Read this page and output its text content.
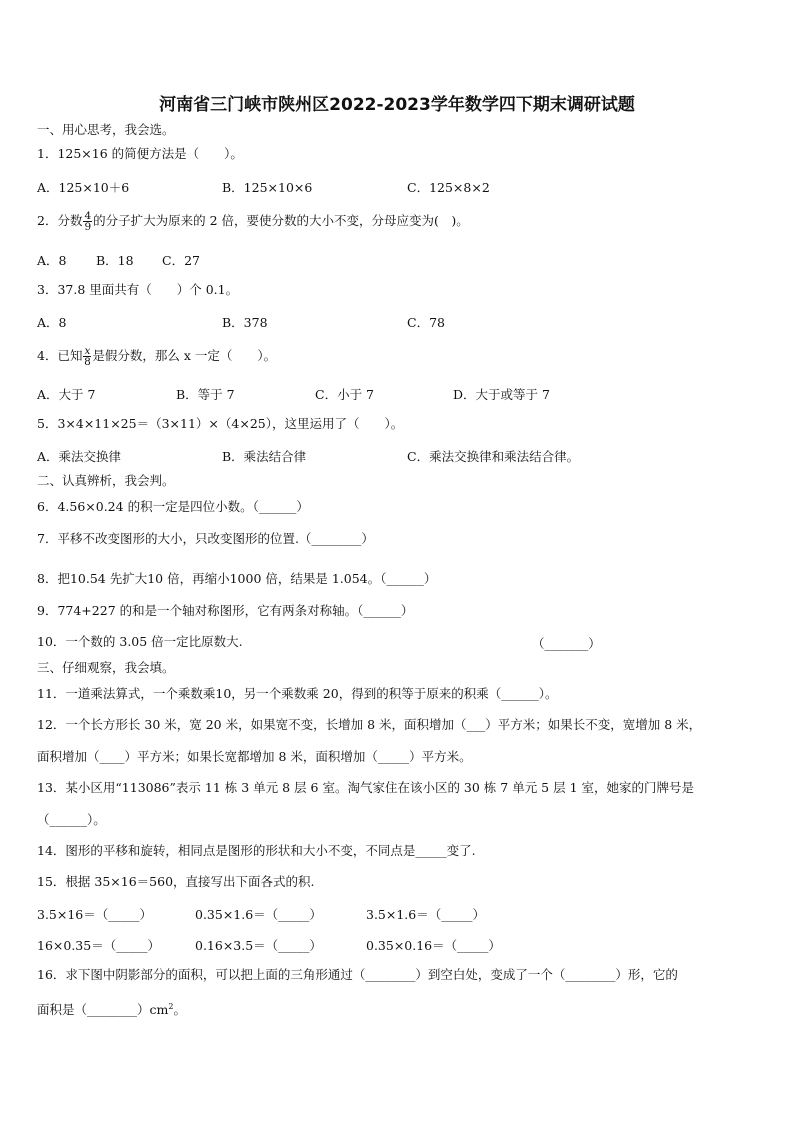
河南省三门峡市陕州区2022-2023学年数学四下期末调研试题
一、用心思考，我会选。
1．125×16 的简便方法是（　　）。
A．125×10＋6	B．125×10×6	C．125×8×2
2．分数 $\frac{4}{9}$ 的分子扩大为原来的 2 倍，要使分数的大小不变，分母应变为(　)。
A．8 B．18 C．27
3．37.8 里面共有（　　）个 0.1。
A．8	B．378	C．78
4．已知 $\frac{x}{8}$ 是假分数，那么 x 一定（　　）。
A．大于 7	B．等于 7	C．小于 7	D．大于或等于 7
5．3×4×11×25＝（3×11）×（4×25），这里运用了（　　）。
A．乘法交换律	B．乘法结合律	C．乘法交换律和乘法结合律。
二、认真辨析，我会判。
6．4.56×0.24 的积一定是四位小数。（______）
7．平移不改变图形的大小，只改变图形的位置.（________）
8．把10.54 先扩大10 倍，再缩小1000 倍，结果是 1.054。（______）
9．774+227 的和是一个轴对称图形，它有两条对称轴。（______）
10．一个数的 3.05 倍一定比原数大.	（_______）
三、仔细观察，我会填。
11．一道乘法算式，一个乘数乘10，另一个乘数乘 20，得到的积等于原来的积乘（______）。
12．一个长方形长 30 米，宽 20 米，如果宽不变，长增加 8 米，面积增加（___）平方米；如果长不变，宽增加 8 米，
面积增加（____）平方米；如果长宽都增加 8 米，面积增加（_____）平方米。
13．某小区用“113086”表示 11 栋 3 单元 8 层 6 室。淘气家住在该小区的 30 栋 7 单元 5 层 1 室，她家的门牌号是
（______）。
14．图形的平移和旋转，相同点是图形的形状和大小不变，不同点是_____变了.
15．根据 35×16＝560，直接写出下面各式的积.
3.5×16＝（_____）	0.35×1.6＝（_____）	3.5×1.6＝（_____）
16×0.35＝（_____）	0.16×3.5＝（_____）	0.35×0.16＝（_____）
16．求下图中阴影部分的面积，可以把上面的三角形通过（________）到空白处，变成了一个（________）形，它的
面积是$(\_\_\_\_\_\_\_\_)cm^2$。
